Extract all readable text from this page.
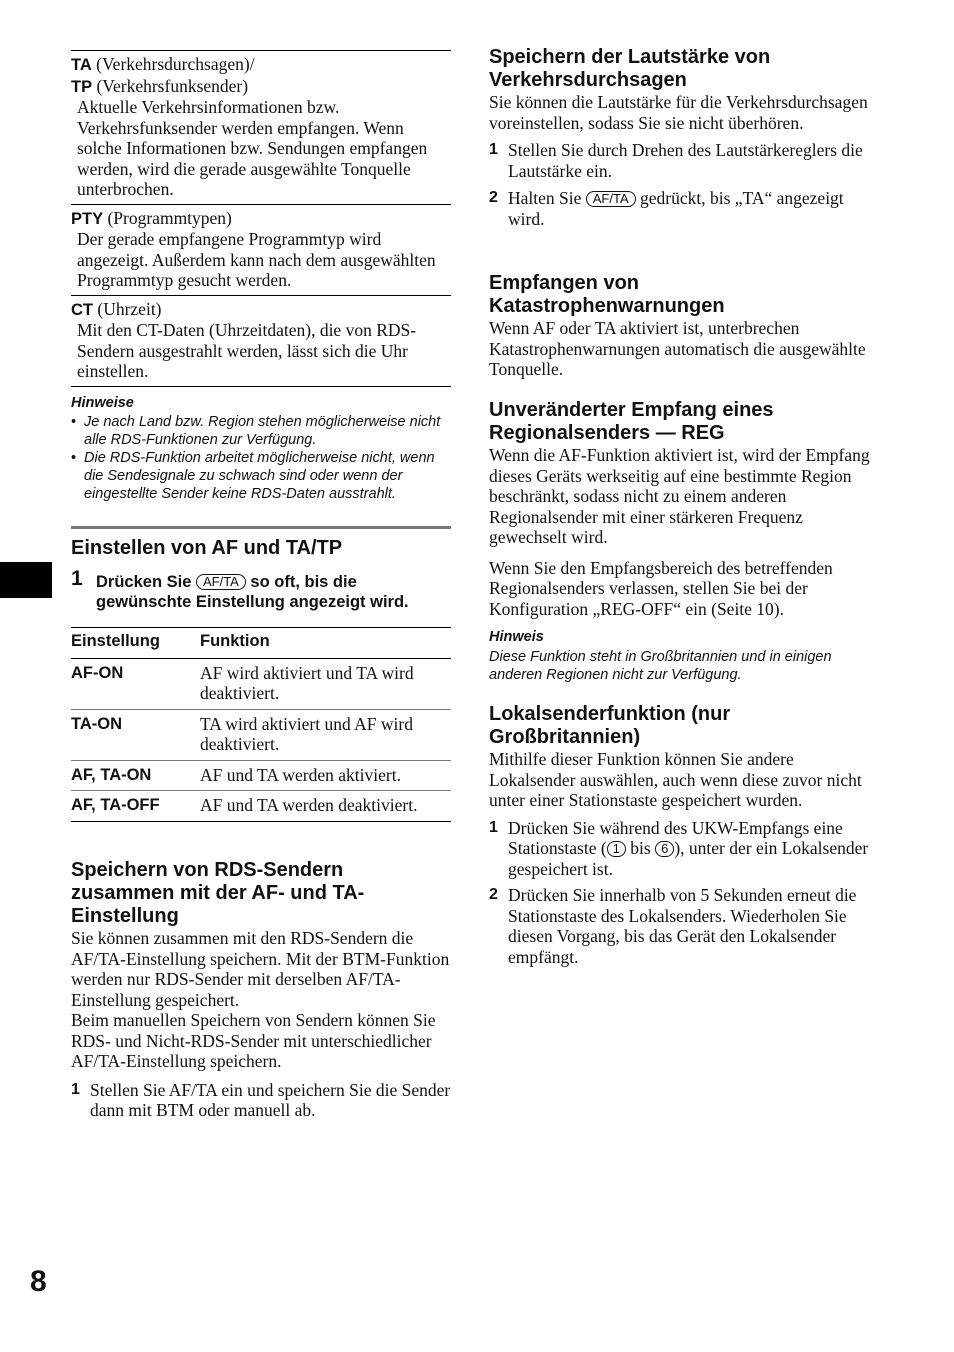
TA (Verkehrsdurchsagen)/
TP (Verkehrsfunksender)
Aktuelle Verkehrsinformationen bzw. Verkehrsfunksender werden empfangen. Wenn solche Informationen bzw. Sendungen empfangen werden, wird die gerade ausgewählte Tonquelle unterbrochen.
PTY (Programmtypen)
Der gerade empfangene Programmtyp wird angezeigt. Außerdem kann nach dem ausgewählten Programmtyp gesucht werden.
CT (Uhrzeit)
Mit den CT-Daten (Uhrzeitdaten), die von RDS-Sendern ausgestrahlt werden, lässt sich die Uhr einstellen.
Hinweise
• Je nach Land bzw. Region stehen möglicherweise nicht alle RDS-Funktionen zur Verfügung.
• Die RDS-Funktion arbeitet möglicherweise nicht, wenn die Sendesignale zu schwach sind oder wenn der eingestellte Sender keine RDS-Daten ausstrahlt.
Einstellen von AF und TA/TP
1 Drücken Sie AF/TA so oft, bis die gewünschte Einstellung angezeigt wird.
Einstellung	Funktion
AF-ON	AF wird aktiviert und TA wird deaktiviert.
TA-ON	TA wird aktiviert und AF wird deaktiviert.
AF, TA-ON	AF und TA werden aktiviert.
AF, TA-OFF	AF und TA werden deaktiviert.
Speichern von RDS-Sendern zusammen mit der AF- und TA-Einstellung
Sie können zusammen mit den RDS-Sendern die AF/TA-Einstellung speichern. Mit der BTM-Funktion werden nur RDS-Sender mit derselben AF/TA-Einstellung gespeichert.
Beim manuellen Speichern von Sendern können Sie RDS- und Nicht-RDS-Sender mit unterschiedlicher AF/TA-Einstellung speichern.
1 Stellen Sie AF/TA ein und speichern Sie die Sender dann mit BTM oder manuell ab.
Speichern der Lautstärke von Verkehrsdurchsagen
Sie können die Lautstärke für die Verkehrsdurchsagen voreinstellen, sodass Sie sie nicht überhören.
1 Stellen Sie durch Drehen des Lautstärkereglers die Lautstärke ein.
2 Halten Sie AF/TA gedrückt, bis „TA“ angezeigt wird.
Empfangen von Katastrophenwarnungen
Wenn AF oder TA aktiviert ist, unterbrechen Katastrophenwarnungen automatisch die ausgewählte Tonquelle.
Unveränderter Empfang eines Regionalsenders — REG
Wenn die AF-Funktion aktiviert ist, wird der Empfang dieses Geräts werkseitig auf eine bestimmte Region beschränkt, sodass nicht zu einem anderen Regionalsender mit einer stärkeren Frequenz gewechselt wird.
Wenn Sie den Empfangsbereich des betreffenden Regionalsenders verlassen, stellen Sie bei der Konfiguration „REG-OFF“ ein (Seite 10).
Hinweis
Diese Funktion steht in Großbritannien und in einigen anderen Regionen nicht zur Verfügung.
Lokalsenderfunktion (nur Großbritannien)
Mithilfe dieser Funktion können Sie andere Lokalsender auswählen, auch wenn diese zuvor nicht unter einer Stationstaste gespeichert wurden.
1 Drücken Sie während des UKW-Empfangs eine Stationstaste ( 1 bis 6 ), unter der ein Lokalsender gespeichert ist.
2 Drücken Sie innerhalb von 5 Sekunden erneut die Stationstaste des Lokalsenders. Wiederholen Sie diesen Vorgang, bis das Gerät den Lokalsender empfängt.
8
